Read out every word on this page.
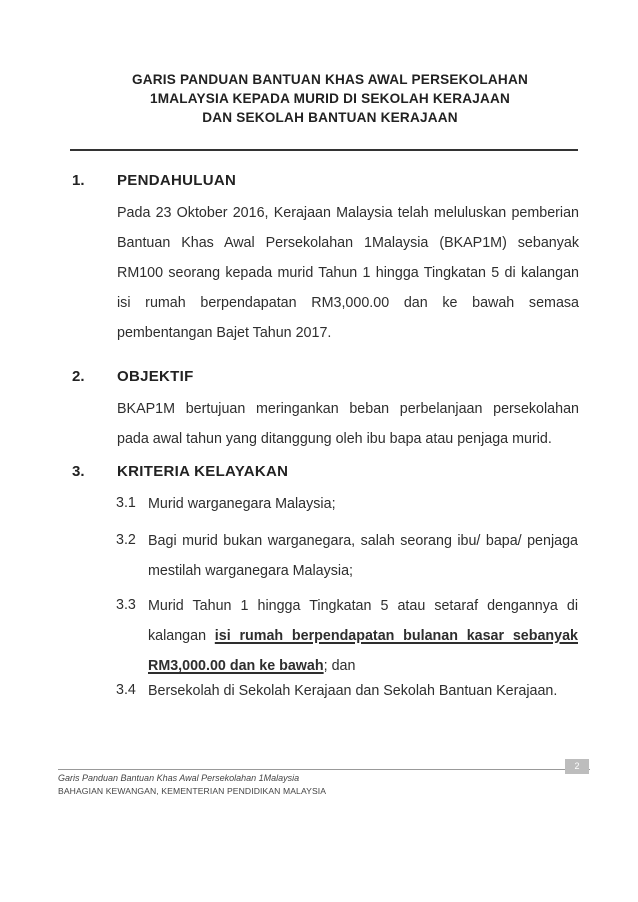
GARIS PANDUAN BANTUAN KHAS AWAL PERSEKOLAHAN
1MALAYSIA KEPADA MURID DI SEKOLAH KERAJAAN
DAN SEKOLAH BANTUAN KERAJAAN
1. PENDAHULUAN
Pada 23 Oktober 2016, Kerajaan Malaysia telah meluluskan pemberian Bantuan Khas Awal Persekolahan 1Malaysia (BKAP1M) sebanyak RM100 seorang kepada murid Tahun 1 hingga Tingkatan 5 di kalangan isi rumah berpendapatan RM3,000.00 dan ke bawah semasa pembentangan Bajet Tahun 2017.
2. OBJEKTIF
BKAP1M bertujuan meringankan beban perbelanjaan persekolahan pada awal tahun yang ditanggung oleh ibu bapa atau penjaga murid.
3. KRITERIA KELAYAKAN
3.1 Murid warganegara Malaysia;
3.2 Bagi murid bukan warganegara, salah seorang ibu/ bapa/ penjaga mestilah warganegara Malaysia;
3.3 Murid Tahun 1 hingga Tingkatan 5 atau setaraf dengannya di kalangan isi rumah berpendapatan bulanan kasar sebanyak RM3,000.00 dan ke bawah; dan
3.4 Bersekolah di Sekolah Kerajaan dan Sekolah Bantuan Kerajaan.
Garis Panduan Bantuan Khas Awal Persekolahan 1Malaysia
BAHAGIAN KEWANGAN, KEMENTERIAN PENDIDIKAN MALAYSIA
2
